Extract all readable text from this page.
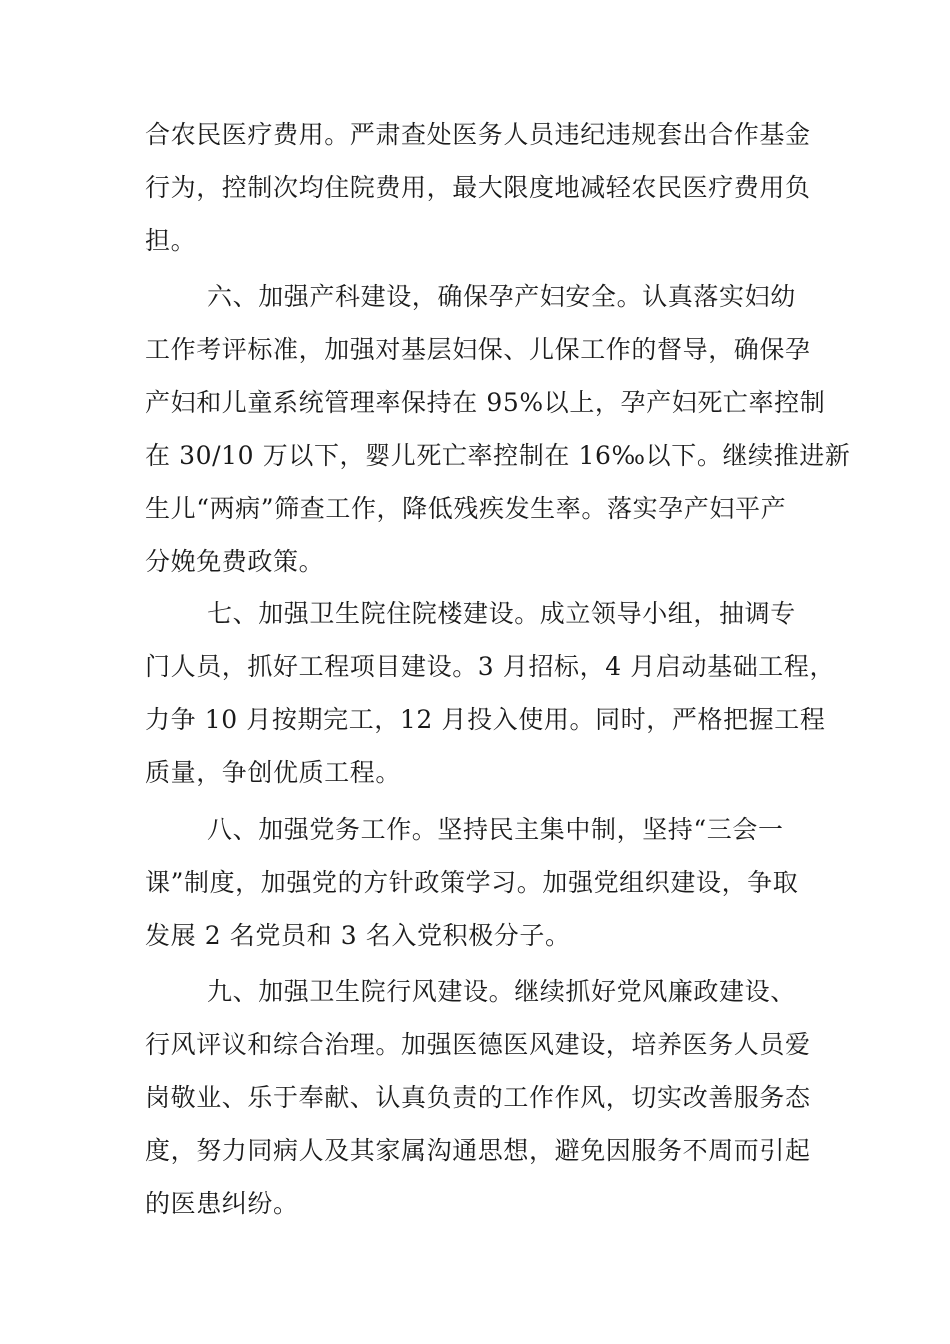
合农民医疗费用。严肃查处医务人员违纪违规套出合作基金
行为，控制次均住院费用，最大限度地减轻农民医疗费用负
担。
六、加强产科建设，确保孕产妇安全。认真落实妇幼
工作考评标准，加强对基层妇保、儿保工作的督导，确保孕
产妇和儿童系统管理率保持在 95%以上，孕产妇死亡率控制
在 30/10 万以下，婴儿死亡率控制在 16‰以下。继续推进新
生儿“两病”筛查工作，降低残疾发生率。落实孕产妇平产
分娩免费政策。
七、加强卫生院住院楼建设。成立领导小组，抽调专
门人员，抓好工程项目建设。3 月招标，4 月启动基础工程，
力争 10 月按期完工，12 月投入使用。同时，严格把握工程
质量，争创优质工程。
八、加强党务工作。坚持民主集中制，坚持“三会一
课”制度，加强党的方针政策学习。加强党组织建设，争取
发展 2 名党员和 3 名入党积极分子。
九、加强卫生院行风建设。继续抓好党风廉政建设、
行风评议和综合治理。加强医德医风建设，培养医务人员爱
岗敬业、乐于奉献、认真负责的工作作风，切实改善服务态
度，努力同病人及其家属沟通思想，避免因服务不周而引起
的医患纠纷。
